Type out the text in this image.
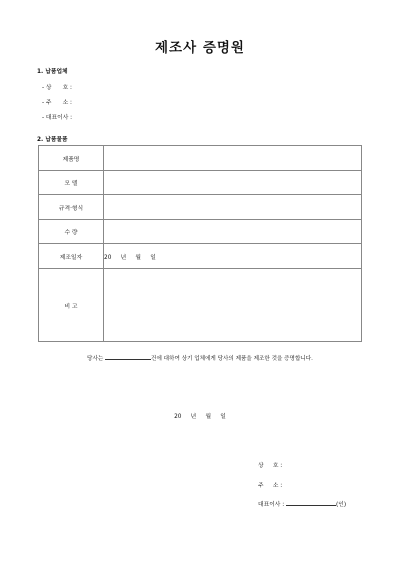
제조사 증명원
1. 납품업체
- 상      호 :
- 주      소 :
- 대표이사 :
2. 납품물품
제품명	
모 델	
규격·형식	
수 량	
제조일자	20     년     월     일
비 고	
당사는	건에 대하여 상기 업체에게 당사의 제품을 제조한 것을 증명합니다.
20     년     월     일
상     호 :
주     소 :
대표이사 :	(인)
